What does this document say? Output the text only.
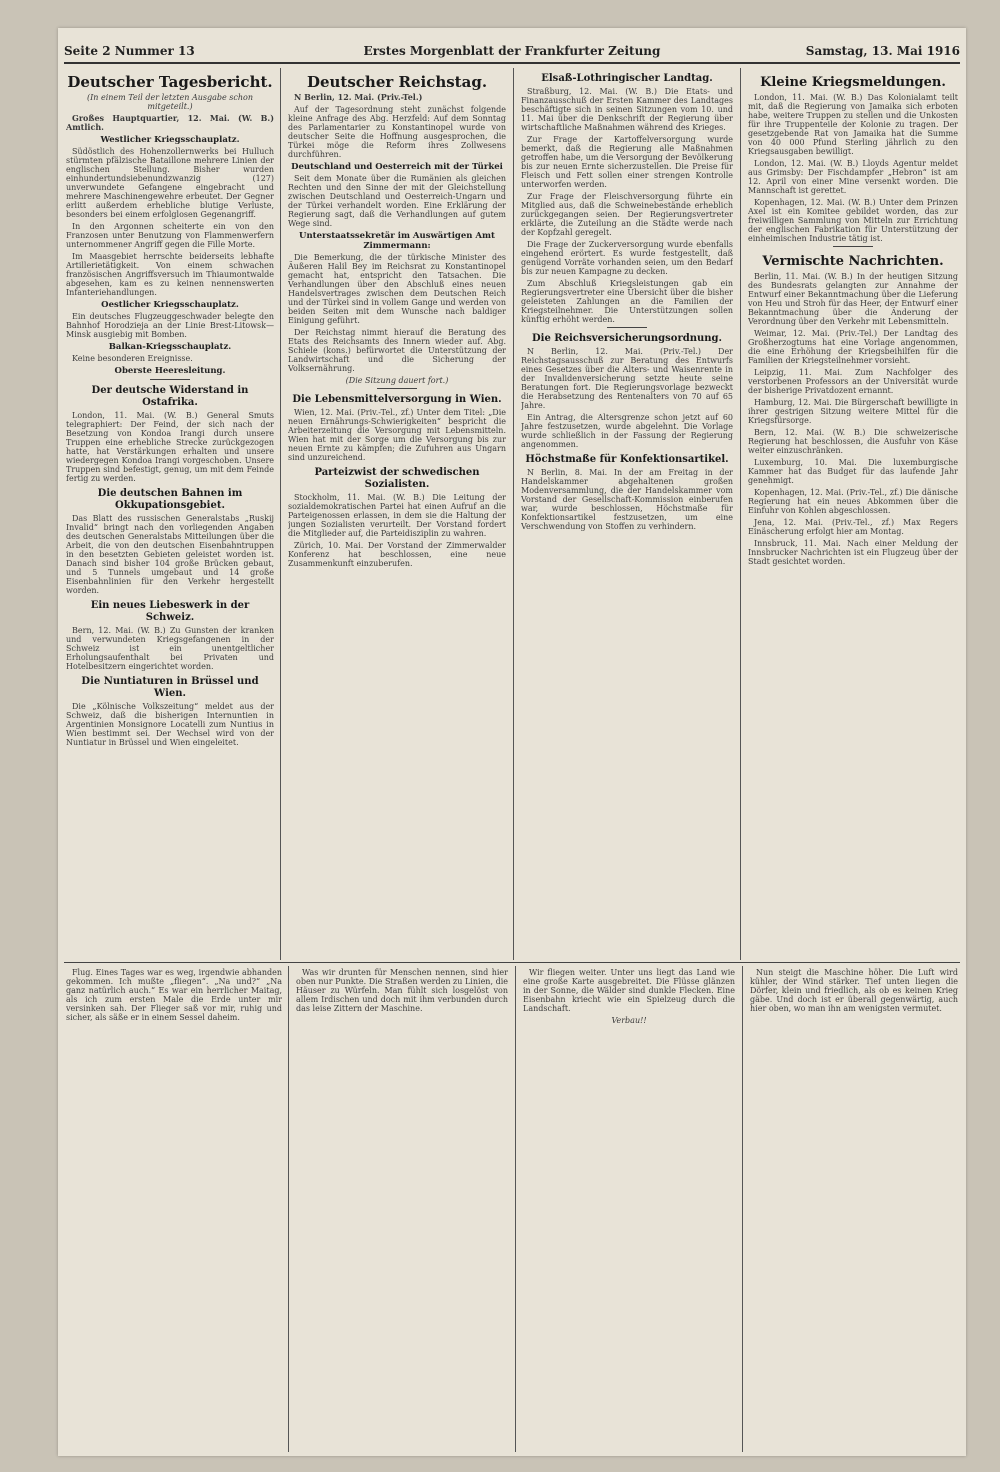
Seite 2 Nummer 13	Erstes Morgenblatt der Frankfurter Zeitung	Samstag, 13. Mai 1916
Deutscher Tagesbericht.
(In einem Teil der letzten Ausgabe schon mitgeteilt.)

Großes Hauptquartier, 12. Mai. (W. B.) Amtlich.

Westlicher Kriegsschauplatz.

Südöstlich des Hohenzollernwerks bei Hulluch stürmten pfälzische Bataillone mehrere Linien der englischen Stellung. Bisher wurden einhundertundsiebenundzwanzig (127) unverwundete Gefangene eingebracht und mehrere Maschinengewehre erbeutet. Der Gegner erlitt außerdem erhebliche blutige Verluste, besonders bei einem erfolglosen Gegenangriff.

In den Argonnen scheiterte ein von den Franzosen unter Benutzung von Flammenwerfern unternommener Angriff gegen die Fille Morte.

Im Maasgebiet herrschte beiderseits lebhafte Artillerietätigkeit. Von einem schwachen französischen Angriffsversuch im Thiaumontwalde abgesehen, kam es zu keinen nennenswerten Infanteriehandlungen.

Oestlicher Kriegsschauplatz.

Ein deutsches Flugzeuggeschwader belegte den Bahnhof Horodzieja an der Linie Brest-Litowsk—Minsk ausgiebig mit Bomben.

Balkan-Kriegsschauplatz.

Keine besonderen Ereignisse.

Oberste Heeresleitung.
Der deutsche Widerstand in Ostafrika.

London, 11. Mai. (W. B.) General Smuts telegraphiert: Der Feind, der sich nach der Besetzung von Kondoa Irangi durch unsere Truppen eine erhebliche Strecke zurückgezogen hatte, hat Verstärkungen erhalten und unsere wiedergegen Kondoa Irangi vorgeschoben. Unsere Truppen sind befestigt, genug, um mit dem Feinde fertig zu werden.

Die deutschen Bahnen im Okkupationsgebiet.

Das Blatt des russischen Generalstabs „Ruskij Invalid“ bringt nach den vorliegenden Angaben des deutschen Generalstabs Mitteilungen über die Arbeit, die von den deutschen Eisenbahntruppen in den besetzten Gebieten geleistet worden ist. Danach sind bisher 104 große Brücken gebaut, und 5 Tunnels umgebaut und 14 große Eisenbahnlinien für den Verkehr hergestellt worden.

Ein neues Liebeswerk in der Schweiz.

Bern, 12. Mai. (W. B.) Zu Gunsten der kranken und verwundeten Kriegsgefangenen in der Schweiz ist ein unentgeltlicher Erholungsaufenthalt bei Privaten und Hotelbesitzern eingerichtet worden.

Die Nuntiaturen in Brüssel und Wien.

Die „Kölnische Volkszeitung“ meldet aus der Schweiz, daß die bisherigen Internuntien in Argentinien Monsignore Locatelli zum Nuntius in Wien bestimmt sei. Der Wechsel wird von der Nuntiatur in Brüssel und Wien eingeleitet.

Deutscher Reichstag.

N Berlin, 12. Mai. (Priv.-Tel.)

Auf der Tagesordnung steht zunächst folgende kleine Anfrage des Abg. Herzfeld: Auf dem Sonntag des Parlamentarier zu Konstantinopel wurde von deutscher Seite die Hoffnung ausgesprochen, die Türkei möge die Reform ihres Zollwesens durchführen.

Deutschland und Oesterreich mit der Türkei

Seit dem Monate über die Rumänien als gleichen Rechten und den Sinne der mit der Gleichstellung zwischen Deutschland und Oesterreich-Ungarn und der Türkei verhandelt worden. Eine Erklärung der Regierung sagt, daß die Verhandlungen auf gutem Wege sind.

Unterstaatssekretär im Auswärtigen Amt Zimmermann:

Die Bemerkung, die der türkische Minister des Äußeren Halil Bey im Reichsrat zu Konstantinopel gemacht hat, entspricht den Tatsachen. Die Verhandlungen über den Abschluß eines neuen Handelsvertrages zwischen dem Deutschen Reich und der Türkei sind in vollem Gange und werden von beiden Seiten mit dem Wunsche nach baldiger Einigung geführt.

Der Reichstag nimmt hierauf die Beratung des Etats des Reichsamts des Innern wieder auf. Abg. Schiele (kons.) befürwortet die Unterstützung der Landwirtschaft und die Sicherung der Volksernährung.

(Die Sitzung dauert fort.)
Die Lebensmittelversorgung in Wien.

Wien, 12. Mai. (Priv.-Tel., zf.) Unter dem Titel: „Die neuen Ernährungs-Schwierigkeiten“ bespricht die Arbeiterzeitung die Versorgung mit Lebensmitteln. Wien hat mit der Sorge um die Versorgung bis zur neuen Ernte zu kämpfen; die Zufuhren aus Ungarn sind unzureichend.

Parteizwist der schwedischen Sozialisten.

Stockholm, 11. Mai. (W. B.) Die Leitung der sozialdemokratischen Partei hat einen Aufruf an die Parteigenossen erlassen, in dem sie die Haltung der jungen Sozialisten verurteilt. Der Vorstand fordert die Mitglieder auf, die Parteidisziplin zu wahren.

Zürich, 10. Mai. Der Vorstand der Zimmerwalder Konferenz hat beschlossen, eine neue Zusammenkunft einzuberufen.

Elsaß-Lothringischer Landtag.

Straßburg, 12. Mai. (W. B.) Die Etats- und Finanzausschuß der Ersten Kammer des Landtages beschäftigte sich in seinen Sitzungen vom 10. und 11. Mai über die Denkschrift der Regierung über wirtschaftliche Maßnahmen während des Krieges.

Zur Frage der Kartoffelversorgung wurde bemerkt, daß die Regierung alle Maßnahmen getroffen habe, um die Versorgung der Bevölkerung bis zur neuen Ernte sicherzustellen. Die Preise für Fleisch und Fett sollen einer strengen Kontrolle unterworfen werden.

Zur Frage der Fleischversorgung führte ein Mitglied aus, daß die Schweinebestände erheblich zurückgegangen seien. Der Regierungsvertreter erklärte, die Zuteilung an die Städte werde nach der Kopfzahl geregelt.

Die Frage der Zuckerversorgung wurde ebenfalls eingehend erörtert. Es wurde festgestellt, daß genügend Vorräte vorhanden seien, um den Bedarf bis zur neuen Kampagne zu decken.

Zum Abschluß Kriegsleistungen gab ein Regierungsvertreter eine Übersicht über die bisher geleisteten Zahlungen an die Familien der Kriegsteilnehmer. Die Unterstützungen sollen künftig erhöht werden.

Die Reichsversicherungsordnung.

N Berlin, 12. Mai. (Priv.-Tel.) Der Reichstagsausschuß zur Beratung des Entwurfs eines Gesetzes über die Alters- und Waisenrente in der Invalidenversicherung setzte heute seine Beratungen fort. Die Regierungsvorlage bezweckt die Herabsetzung des Rentenalters von 70 auf 65 Jahre.

Ein Antrag, die Altersgrenze schon jetzt auf 60 Jahre festzusetzen, wurde abgelehnt. Die Vorlage wurde schließlich in der Fassung der Regierung angenommen.

Höchstmaße für Konfektionsartikel.

N Berlin, 8. Mai. In der am Freitag in der Handelskammer abgehaltenen großen Modenversammlung, die der Handelskammer vom Vorstand der Gesellschaft-Kommission einberufen war, wurde beschlossen, Höchstmaße für Konfektionsartikel festzusetzen, um eine Verschwendung von Stoffen zu verhindern.

Kleine Kriegsmeldungen.

London, 11. Mai. (W. B.) Das Kolonialamt teilt mit, daß die Regierung von Jamaika sich erboten habe, weitere Truppen zu stellen und die Unkosten für ihre Truppenteile der Kolonie zu tragen. Der gesetzgebende Rat von Jamaika hat die Summe von 40 000 Pfund Sterling jährlich zu den Kriegsausgaben bewilligt.

London, 12. Mai. (W. B.) Lloyds Agentur meldet aus Grimsby: Der Fischdampfer „Hebron“ ist am 12. April von einer Mine versenkt worden. Die Mannschaft ist gerettet.

Kopenhagen, 12. Mai. (W. B.) Unter dem Prinzen Axel ist ein Komitee gebildet worden, das zur freiwilligen Sammlung von Mitteln zur Errichtung der englischen Fabrikation für Unterstützung der einheimischen Industrie tätig ist.

Vermischte Nachrichten.

Berlin, 11. Mai. (W. B.) In der heutigen Sitzung des Bundesrats gelangten zur Annahme der Entwurf einer Bekanntmachung über die Lieferung von Heu und Stroh für das Heer, der Entwurf einer Bekanntmachung über die Änderung der Verordnung über den Verkehr mit Lebensmitteln.

Weimar, 12. Mai. (Priv.-Tel.) Der Landtag des Großherzogtums hat eine Vorlage angenommen, die eine Erhöhung der Kriegsbeihilfen für die Familien der Kriegsteilnehmer vorsieht.

Leipzig, 11. Mai. Zum Nachfolger des verstorbenen Professors an der Universität wurde der bisherige Privatdozent ernannt.

Hamburg, 12. Mai. Die Bürgerschaft bewilligte in ihrer gestrigen Sitzung weitere Mittel für die Kriegsfürsorge.

Bern, 12. Mai. (W. B.) Die schweizerische Regierung hat beschlossen, die Ausfuhr von Käse weiter einzuschränken.

Luxemburg, 10. Mai. Die luxemburgische Kammer hat das Budget für das laufende Jahr genehmigt.

Kopenhagen, 12. Mai. (Priv.-Tel., zf.) Die dänische Regierung hat ein neues Abkommen über die Einfuhr von Kohlen abgeschlossen.

Jena, 12. Mai. (Priv.-Tel., zf.) Max Regers Einäscherung erfolgt hier am Montag.

Innsbruck, 11. Mai. Nach einer Meldung der Innsbrucker Nachrichten ist ein Flugzeug über der Stadt gesichtet worden.

Flug. Eines Tages war es weg, irgendwie abhanden gekommen. Ich mußte „fliegen“. „Na und?“ „Na ganz natürlich auch.“ Es war ein herrlicher Maitag, als ich zum ersten Male die Erde unter mir versinken sah. Der Flieger saß vor mir, ruhig und sicher, als säße er in einem Sessel daheim.

Was wir drunten für Menschen nennen, sind hier oben nur Punkte. Die Straßen werden zu Linien, die Häuser zu Würfeln. Man fühlt sich losgelöst von allem Irdischen und doch mit ihm verbunden durch das leise Zittern der Maschine.

Wir fliegen weiter. Unter uns liegt das Land wie eine große Karte ausgebreitet. Die Flüsse glänzen in der Sonne, die Wälder sind dunkle Flecken. Eine Eisenbahn kriecht wie ein Spielzeug durch die Landschaft.

Verbau!!

Nun steigt die Maschine höher. Die Luft wird kühler, der Wind stärker. Tief unten liegen die Dörfer, klein und friedlich, als ob es keinen Krieg gäbe. Und doch ist er überall gegenwärtig, auch hier oben, wo man ihn am wenigsten vermutet.
